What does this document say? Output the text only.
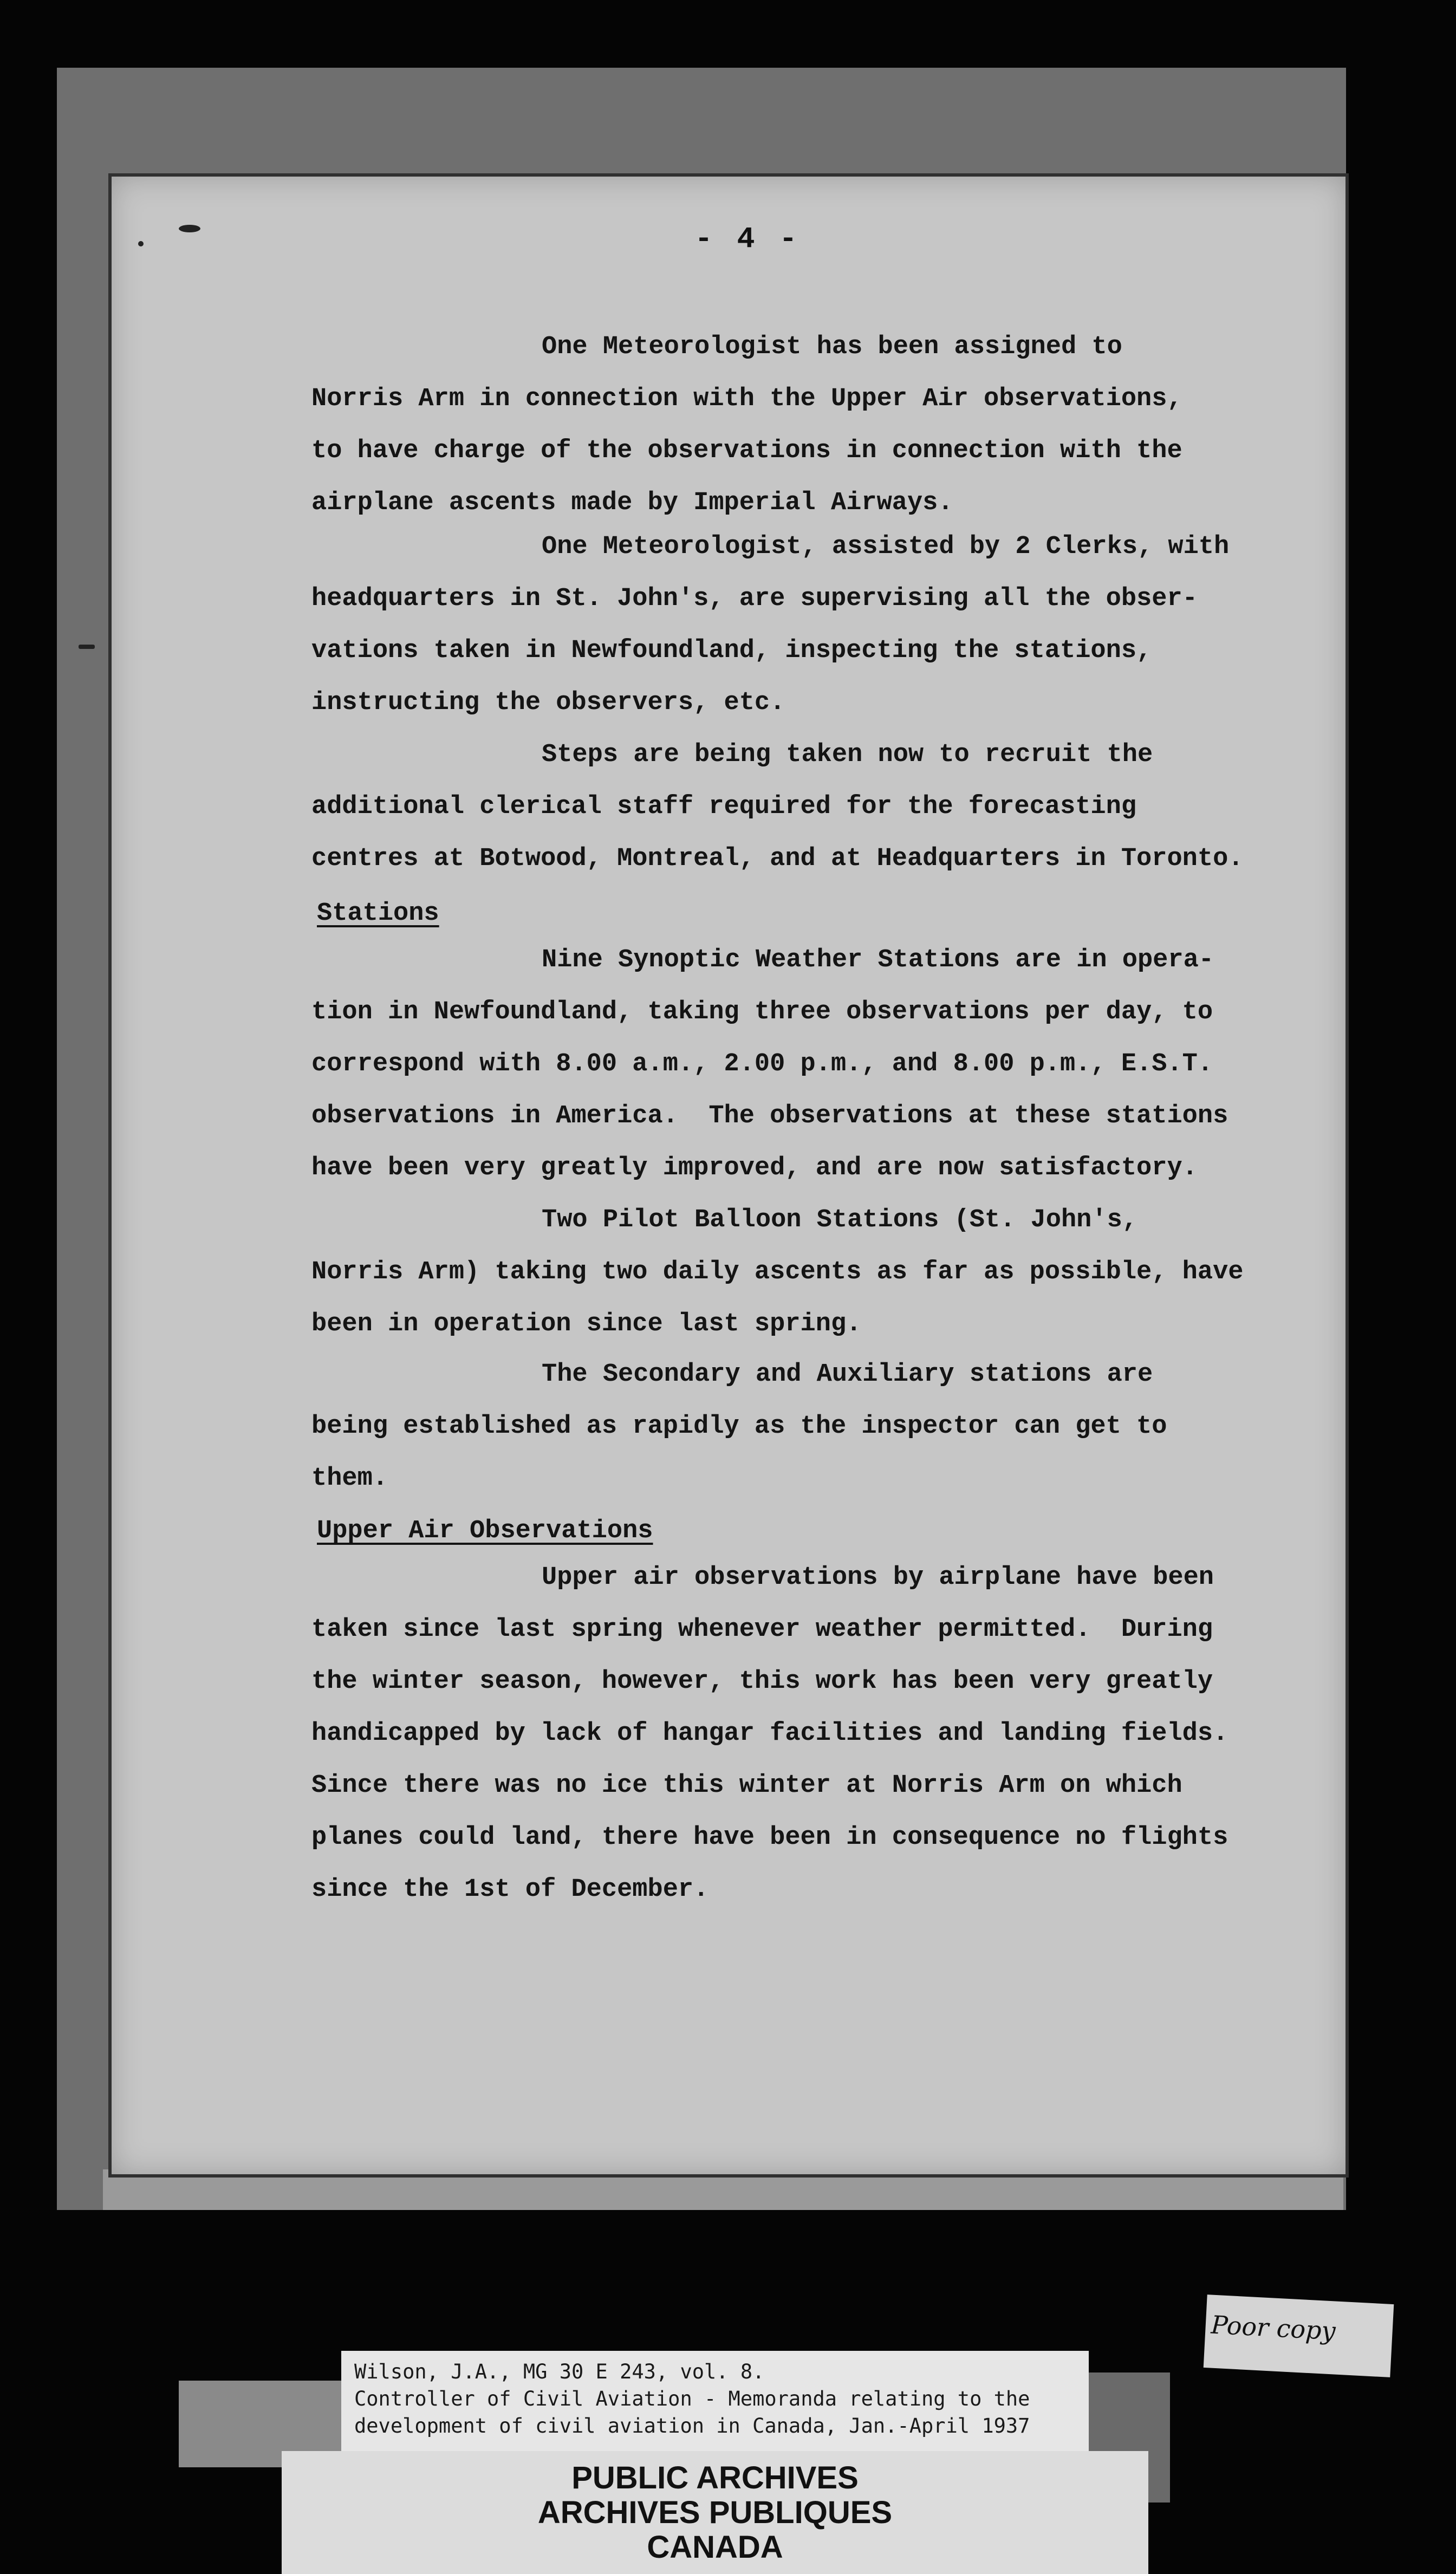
- 4 -
One Meteorologist has been assigned to
Norris Arm in connection with the Upper Air observations,
to have charge of the observations in connection with the
airplane ascents made by Imperial Airways.
One Meteorologist, assisted by 2 Clerks, with
headquarters in St. John's, are supervising all the obser-
vations taken in Newfoundland, inspecting the stations,
instructing the observers, etc.
Steps are being taken now to recruit the
additional clerical staff required for the forecasting
centres at Botwood, Montreal, and at Headquarters in Toronto.
Stations
Nine Synoptic Weather Stations are in opera-
tion in Newfoundland, taking three observations per day, to
correspond with 8.00 a.m., 2.00 p.m., and 8.00 p.m., E.S.T.
observations in America.  The observations at these stations
have been very greatly improved, and are now satisfactory.
Two Pilot Balloon Stations (St. John's,
Norris Arm) taking two daily ascents as far as possible, have
been in operation since last spring.
The Secondary and Auxiliary stations are
being established as rapidly as the inspector can get to
them.
Upper Air Observations
Upper air observations by airplane have been
taken since last spring whenever weather permitted.  During
the winter season, however, this work has been very greatly
handicapped by lack of hangar facilities and landing fields.
Since there was no ice this winter at Norris Arm on which
planes could land, there have been in consequence no flights
since the 1st of December.
Wilson, J.A., MG 30 E 243, vol. 8.
Controller of Civil Aviation - Memoranda relating to the
development of civil aviation in Canada, Jan.-April 1937
PUBLIC ARCHIVES
ARCHIVES PUBLIQUES
CANADA
Poor copy
